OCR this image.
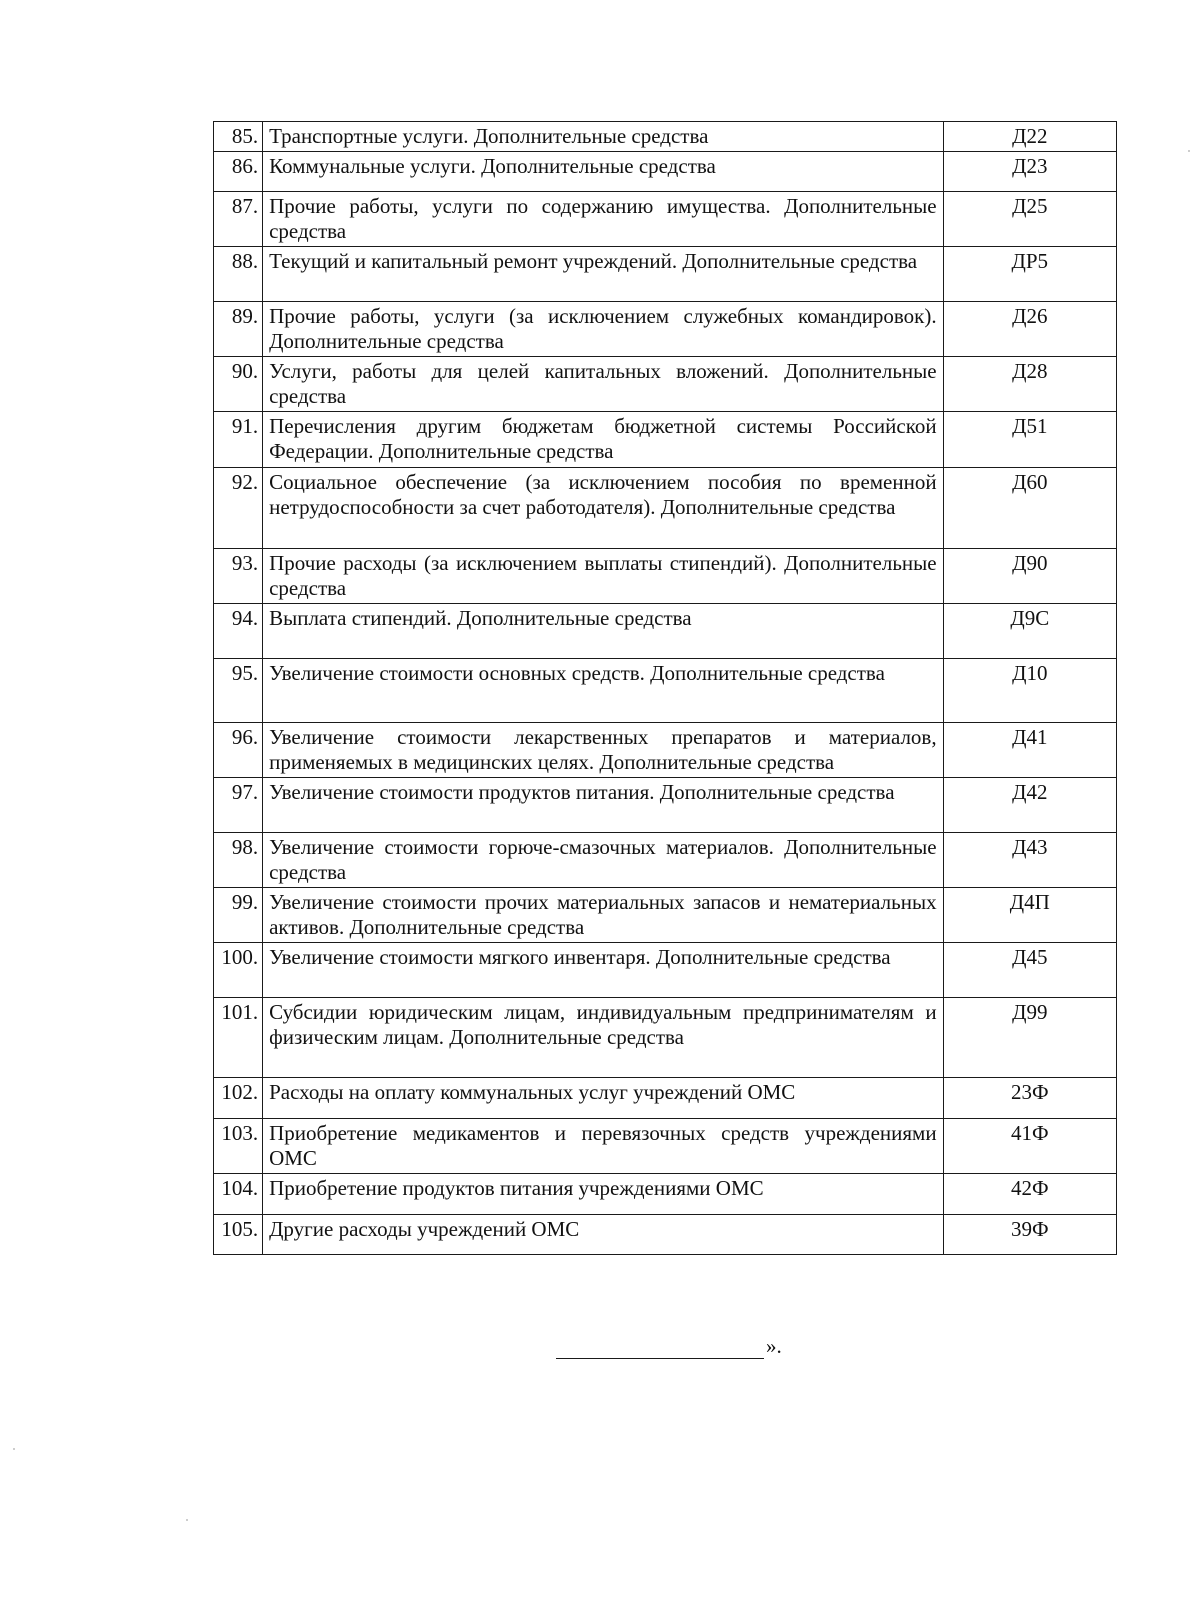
85.	Транспортные услуги. Дополнительные средства	Д22
86.	Коммунальные услуги. Дополнительные средства	Д23
87.	Прочие работы, услуги по содержанию имущества. Дополнительные средства	Д25
88.	Текущий и капитальный ремонт учреждений. Дополнительные средства	ДР5
89.	Прочие работы, услуги (за исключением служебных командировок). Дополнительные средства	Д26
90.	Услуги, работы для целей капитальных вложений. Дополнительные средства	Д28
91.	Перечисления другим бюджетам бюджетной системы Российской Федерации. Дополнительные средства	Д51
92.	Социальное обеспечение (за исключением пособия по временной нетрудоспособности за счет работодателя). Дополнительные средства	Д60
93.	Прочие расходы (за исключением выплаты стипендий). Дополнительные средства	Д90
94.	Выплата стипендий. Дополнительные средства	Д9С
95.	Увеличение стоимости основных средств. Дополнительные средства	Д10
96.	Увеличение стоимости лекарственных препаратов и материалов, применяемых в медицинских целях. Дополнительные средства	Д41
97.	Увеличение стоимости продуктов питания. Дополнительные средства	Д42
98.	Увеличение стоимости горюче-смазочных материалов. Дополнительные средства	Д43
99.	Увеличение стоимости прочих материальных запасов и нематериальных активов. Дополнительные средства	Д4П
100.	Увеличение стоимости мягкого инвентаря. Дополнительные средства	Д45
101.	Субсидии юридическим лицам, индивидуальным предпринимателям и физическим лицам. Дополнительные средства	Д99
102.	Расходы на оплату коммунальных услуг учреждений ОМС	23Ф
103.	Приобретение медикаментов и перевязочных средств учреждениями ОМС	41Ф
104.	Приобретение продуктов питания учреждениями ОМС	42Ф
105.	Другие расходы учреждений ОМС	39Ф
».
